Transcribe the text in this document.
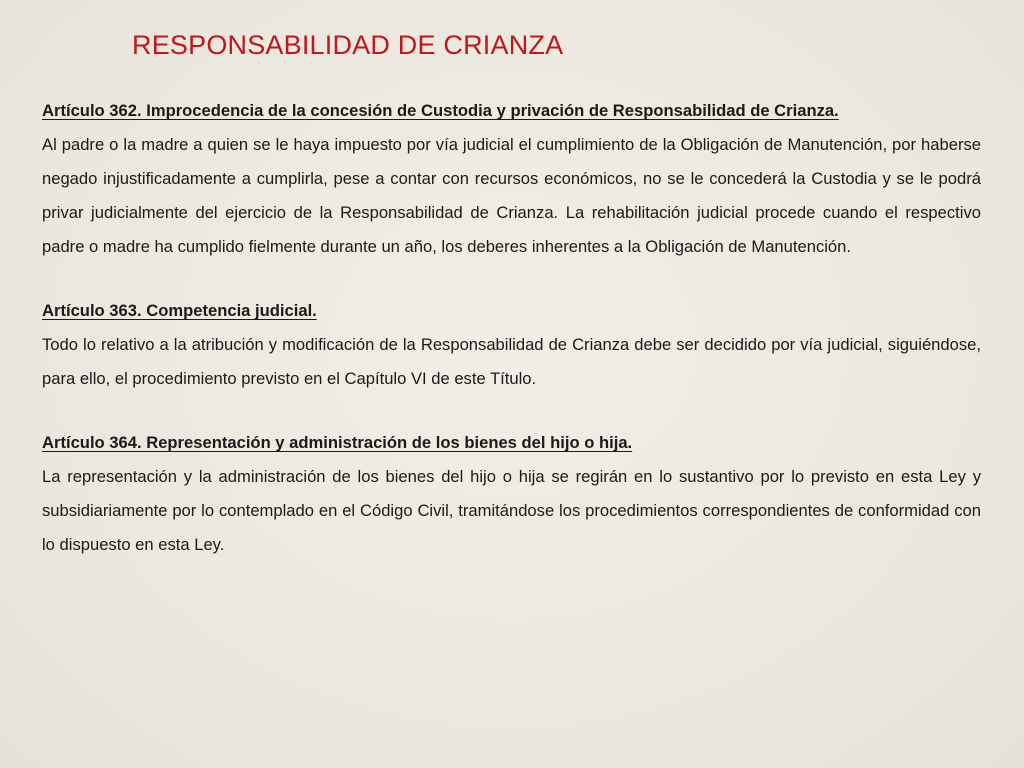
RESPONSABILIDAD DE CRIANZA
Artículo 362. Improcedencia de la concesión de Custodia y privación de Responsabilidad de Crianza.

Al padre o la madre a quien se le haya impuesto por vía judicial el cumplimiento de la Obligación de Manutención, por haberse negado injustificadamente a cumplirla, pese a contar con recursos económicos, no se le concederá la Custodia y se le podrá privar judicialmente del ejercicio de la Responsabilidad de Crianza. La rehabilitación judicial procede cuando el respectivo padre o madre ha cumplido fielmente durante un año, los deberes inherentes a la Obligación de Manutención.

Artículo 363. Competencia judicial.

Todo lo relativo a la atribución y modificación de la Responsabilidad de Crianza debe ser decidido por vía judicial, siguiéndose, para ello, el procedimiento previsto en el Capítulo VI de este Título.

Artículo 364. Representación y administración de los bienes del hijo o hija.

La representación y la administración de los bienes del hijo o hija se regirán en lo sustantivo por lo previsto en esta Ley y subsidiariamente por lo contemplado en el Código Civil, tramitándose los procedimientos correspondientes de conformidad con lo dispuesto en esta Ley.
